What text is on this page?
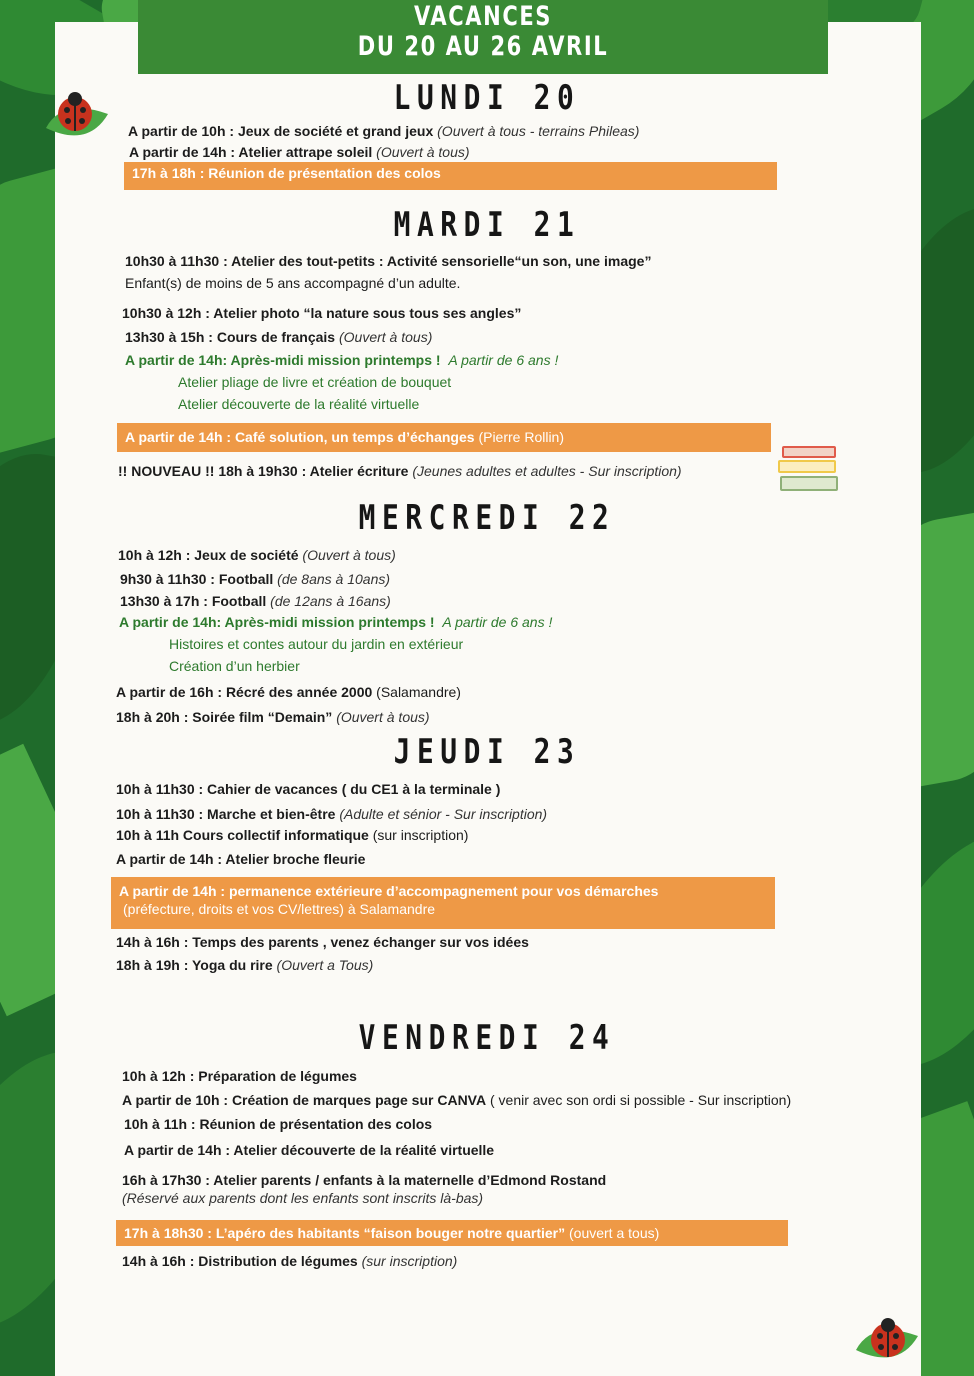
VACANCES
DU 20 AU 26 AVRIL
LUNDI 20
A partir de 10h : Jeux de société et grand jeux (Ouvert à tous - terrains Phileas)
A partir de 14h : Atelier attrape soleil (Ouvert à tous)
17h à 18h : Réunion de présentation des colos
MARDI 21
10h30 à 11h30 : Atelier des tout-petits : Activité sensorielle“un son, une image”
Enfant(s) de moins de 5 ans accompagné d’un adulte.
10h30 à 12h : Atelier photo “la nature sous tous ses angles”
13h30 à 15h : Cours de français (Ouvert à tous)
A partir de 14h: Après-midi mission printemps ! A partir de 6 ans !
Atelier pliage de livre et création de bouquet
Atelier découverte de la réalité virtuelle
A partir de 14h : Café solution, un temps d’échanges (Pierre Rollin)
!! NOUVEAU !! 18h à 19h30 : Atelier écriture (Jeunes adultes et adultes - Sur inscription)
MERCREDI 22
10h à 12h : Jeux de société (Ouvert à tous)
9h30 à 11h30 : Football (de 8ans à 10ans)
13h30 à 17h : Football (de 12ans à 16ans)
A partir de 14h: Après-midi mission printemps ! A partir de 6 ans !
Histoires et contes autour du jardin en extérieur
Création d’un herbier
A partir de 16h : Récré des année 2000 (Salamandre)
18h à 20h : Soirée film “Demain” (Ouvert à tous)
JEUDI 23
10h à 11h30 : Cahier de vacances ( du CE1 à la terminale )
10h à 11h30 : Marche et bien-être (Adulte et sénior - Sur inscription)
10h à 11h Cours collectif informatique (sur inscription)
A partir de 14h : Atelier broche fleurie
A partir de 14h : permanence extérieure d’accompagnement pour vos démarches
(préfecture, droits et vos CV/lettres) à Salamandre
14h à 16h : Temps des parents , venez échanger sur vos idées
18h à 19h : Yoga du rire (Ouvert a Tous)
VENDREDI 24
10h à 12h : Préparation de légumes
A partir de 10h : Création de marques page sur CANVA ( venir avec son ordi si possible - Sur inscription)
10h à 11h : Réunion de présentation des colos
A partir de 14h : Atelier découverte de la réalité virtuelle
16h à 17h30 : Atelier parents / enfants à la maternelle d’Edmond Rostand
(Réservé aux parents dont les enfants sont inscrits là-bas)
17h à 18h30 : L’apéro des habitants “faison bouger notre quartier” (ouvert a tous)
14h à 16h : Distribution de légumes (sur inscription)
